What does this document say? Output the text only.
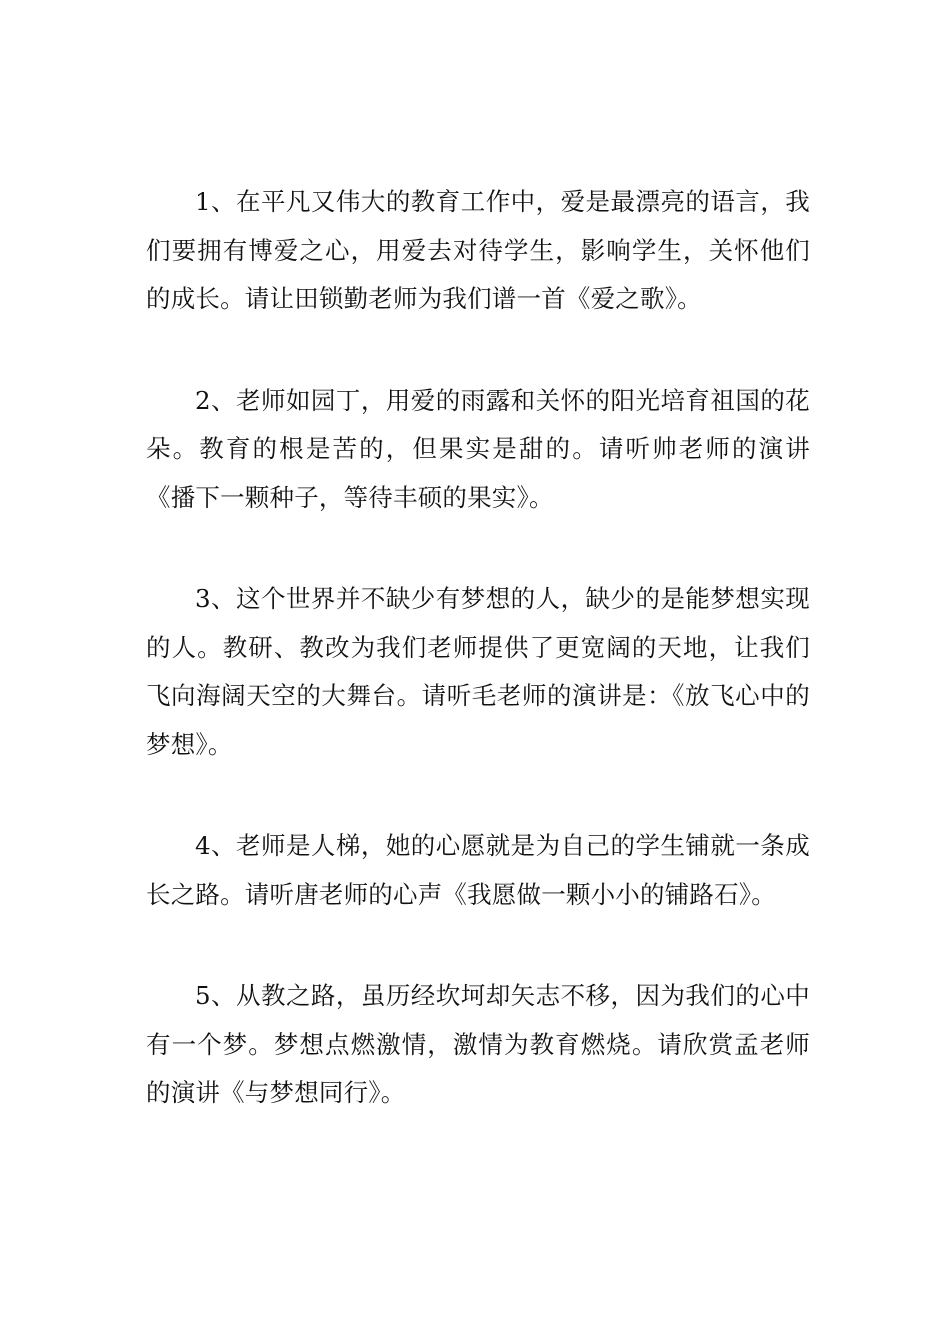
1、在平凡又伟大的教育工作中，爱是最漂亮的语言，我们要拥有博爱之心，用爱去对待学生，影响学生，关怀他们的成长。请让田锁勤老师为我们谱一首《爱之歌》。

2、老师如园丁，用爱的雨露和关怀的阳光培育祖国的花朵。教育的根是苦的，但果实是甜的。请听帅老师的演讲《播下一颗种子，等待丰硕的果实》。

3、这个世界并不缺少有梦想的人，缺少的是能梦想实现的人。教研、教改为我们老师提供了更宽阔的天地，让我们飞向海阔天空的大舞台。请听毛老师的演讲是：《放飞心中的梦想》。

4、老师是人梯，她的心愿就是为自己的学生铺就一条成长之路。请听唐老师的心声《我愿做一颗小小的铺路石》。

5、从教之路，虽历经坎坷却矢志不移，因为我们的心中有一个梦。梦想点燃激情，激情为教育燃烧。请欣赏孟老师的演讲《与梦想同行》。
